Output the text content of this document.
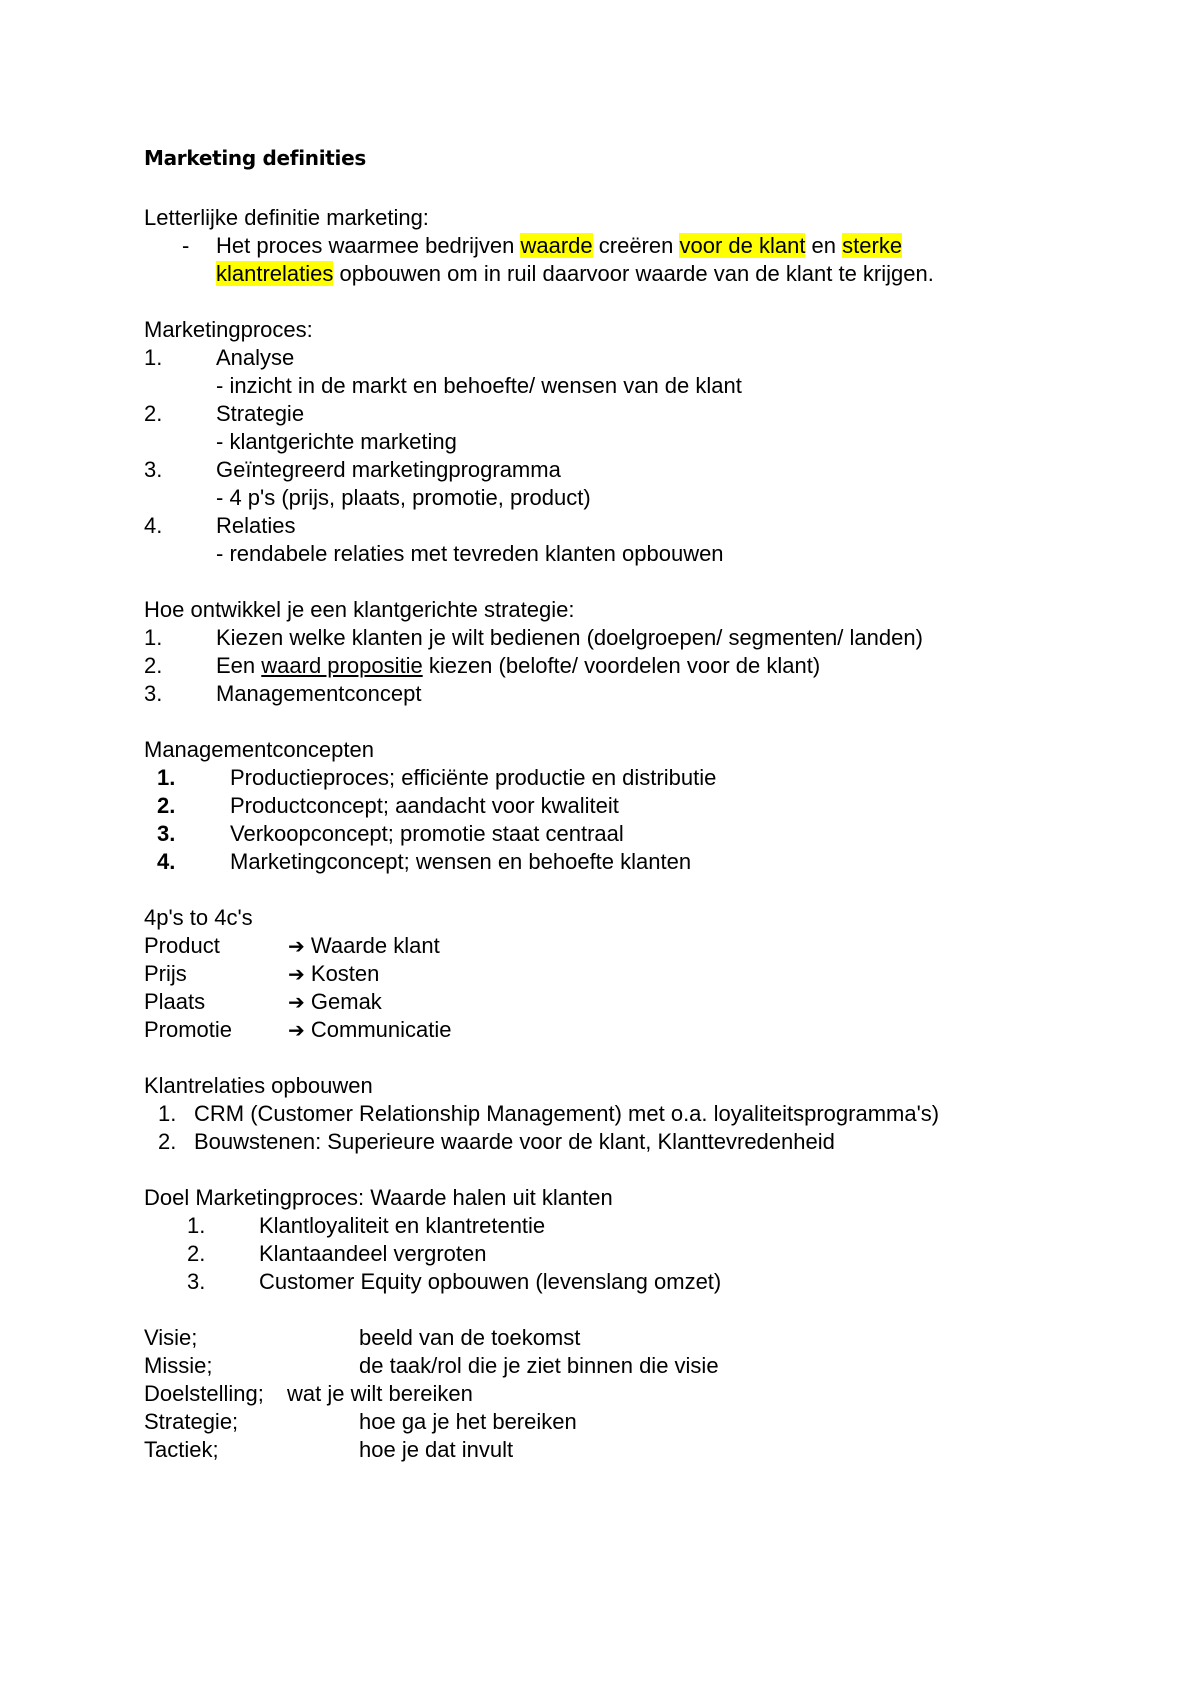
Marketing definities
Letterlijke definitie marketing:
- Het proces waarmee bedrijven waarde creëren voor de klant en sterke
klantrelaties opbouwen om in ruil daarvoor waarde van de klant te krijgen.
Marketingproces:
1. Analyse
- inzicht in de markt en behoefte/ wensen van de klant
2. Strategie
- klantgerichte marketing
3. Geïntegreerd marketingprogramma
- 4 p's (prijs, plaats, promotie, product)
4. Relaties
- rendabele relaties met tevreden klanten opbouwen
Hoe ontwikkel je een klantgerichte strategie:
1. Kiezen welke klanten je wilt bedienen (doelgroepen/ segmenten/ landen)
2. Een waard propositie kiezen (belofte/ voordelen voor de klant)
3. Managementconcept
Managementconcepten
1. Productieproces; efficiënte productie en distributie
2. Productconcept; aandacht voor kwaliteit
3. Verkoopconcept; promotie staat centraal
4. Marketingconcept; wensen en behoefte klanten
4p's to 4c's
Product	➔ Waarde klant
Prijs	➔ Kosten
Plaats	➔ Gemak
Promotie	➔ Communicatie
Klantrelaties opbouwen
1. CRM (Customer Relationship Management) met o.a. loyaliteitsprogramma's)
2. Bouwstenen: Superieure waarde voor de klant, Klanttevredenheid
Doel Marketingproces: Waarde halen uit klanten
1. Klantloyaliteit en klantretentie
2. Klantaandeel vergroten
3. Customer Equity opbouwen (levenslang omzet)
Visie;	beeld van de toekomst
Missie;	de taak/rol die je ziet binnen die visie
Doelstelling; wat je wilt bereiken
Strategie;	hoe ga je het bereiken
Tactiek;	hoe je dat invult
